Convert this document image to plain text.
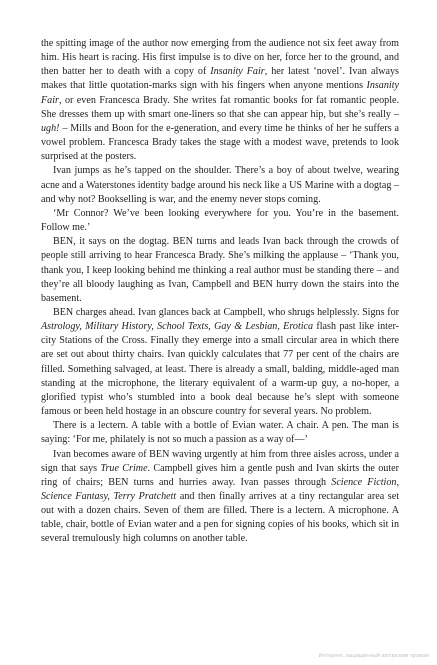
the spitting image of the author now emerging from the audience not six feet away from him. His heart is racing. His first impulse is to dive on her, force her to the ground, and then batter her to death with a copy of Insanity Fair, her latest ‘novel’. Ivan always makes that little quotation-marks sign with his fingers when anyone mentions Insanity Fair, or even Francesca Brady. She writes fat romantic books for fat romantic people. She dresses them up with smart one-liners so that she can appear hip, but she’s really – ugh! – Mills and Boon for the e-generation, and every time he thinks of her he suffers a vowel problem. Francesca Brady takes the stage with a modest wave, pretends to look surprised at the posters.

Ivan jumps as he’s tapped on the shoulder. There’s a boy of about twelve, wearing acne and a Waterstones identity badge around his neck like a US Marine with a dogtag – and why not? Bookselling is war, and the enemy never stops coming.

‘Mr Connor? We’ve been looking everywhere for you. You’re in the basement. Follow me.’

BEN, it says on the dogtag. BEN turns and leads Ivan back through the crowds of people still arriving to hear Francesca Brady. She’s milking the applause – ‘Thank you, thank you, I keep looking behind me thinking a real author must be standing there – and they’re all bloody laughing as Ivan, Campbell and BEN hurry down the stairs into the basement.

BEN charges ahead. Ivan glances back at Campbell, who shrugs helplessly. Signs for Astrology, Military History, School Texts, Gay & Lesbian, Erotica flash past like inter-city Stations of the Cross. Finally they emerge into a small circular area in which there are set out about thirty chairs. Ivan quickly calculates that 77 per cent of the chairs are filled. Something salvaged, at least. There is already a small, balding, middle-aged man standing at the microphone, the literary equivalent of a warm-up guy, a no-hoper, a glorified typist who’s stumbled into a book deal because he’s slept with someone famous or been held hostage in an obscure country for several years. No problem.

There is a lectern. A table with a bottle of Evian water. A chair. A pen. The man is saying: ‘For me, philately is not so much a passion as a way of—’

Ivan becomes aware of BEN waving urgently at him from three aisles across, under a sign that says True Crime. Campbell gives him a gentle push and Ivan skirts the outer ring of chairs; BEN turns and hurries away. Ivan passes through Science Fiction, Science Fantasy, Terry Pratchett and then finally arrives at a tiny rectangular area set out with a dozen chairs. Seven of them are filled. There is a lectern. A microphone. A table, chair, bottle of Evian water and a pen for signing copies of his books, which sit in several tremulously high columns on another table.

Интернет, защищённый авторским правом
